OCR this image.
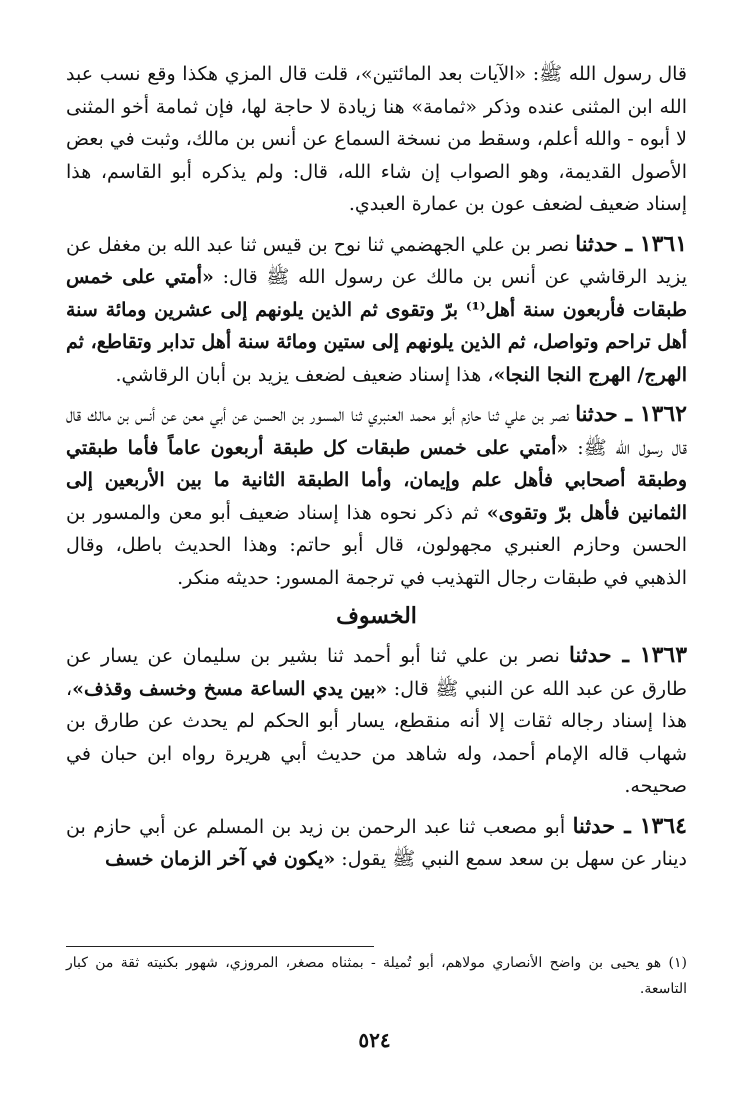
قال رسول الله ﷺ: «الآيات بعد المائتين»، قلت قال المزي هكذا وقع نسب عبد الله ابن المثنى عنده وذكر «ثمامة» هنا زيادة لا حاجة لها، فإن ثمامة أخو المثنى لا أبوه - والله أعلم، وسقط من نسخة السماع عن أنس بن مالك، وثبت في بعض الأصول القديمة، وهو الصواب إن شاء الله، قال: ولم يذكره أبو القاسم، هذا إسناد ضعيف لضعف عون بن عمارة العبدي.

١٣٦١ ـ حدثنا نصر بن علي الجهضمي ثنا نوح بن قيس ثنا عبد الله بن مغفل عن يزيد الرقاشي عن أنس بن مالك عن رسول الله ﷺ قال: «أمتي على خمس طبقات فأربعون سنة أهل⁽¹⁾ برّ وتقوى ثم الذين يلونهم إلى عشرين ومائة سنة أهل تراحم وتواصل، ثم الذين يلونهم إلى ستين ومائة سنة أهل تدابر وتقاطع، ثم الهرج/ الهرج النجا النجا»، هذا إسناد ضعيف لضعف يزيد بن أبان الرقاشي.

١٣٦٢ ـ حدثنا نصر بن علي ثنا حازم أبو محمد العنبري ثنا المسور بن الحسن عن أبي معن عن أنس بن مالك قال قال رسول الله ﷺ: «أمتي على خمس طبقات كل طبقة أربعون عاماً فأما طبقتي وطبقة أصحابي فأهل علم وإيمان، وأما الطبقة الثانية ما بين الأربعين إلى الثمانين فأهل برّ وتقوى» ثم ذكر نحوه هذا إسناد ضعيف أبو معن والمسور بن الحسن وحازم العنبري مجهولون، قال أبو حاتم: وهذا الحديث باطل، وقال الذهبي في طبقات رجال التهذيب في ترجمة المسور: حديثه منكر.

الخسوف

١٣٦٣ ـ حدثنا نصر بن علي ثنا أبو أحمد ثنا بشير بن سليمان عن يسار عن طارق عن عبد الله عن النبي ﷺ قال: «بين يدي الساعة مسخ وخسف وقذف»، هذا إسناد رجاله ثقات إلا أنه منقطع، يسار أبو الحكم لم يحدث عن طارق بن شهاب قاله الإمام أحمد، وله شاهد من حديث أبي هريرة رواه ابن حبان في صحيحه.

١٣٦٤ ـ حدثنا أبو مصعب ثنا عبد الرحمن بن زيد بن المسلم عن أبي حازم بن دينار عن سهل بن سعد سمع النبي ﷺ يقول: «يكون في آخر الزمان خسف

(١) هو يحيى بن واضح الأنصاري مولاهم، أبو تُميلة - بمثناه مصغر، المروزي، شهور بكنيته ثقة من كبار التاسعة.
٥٢٤
